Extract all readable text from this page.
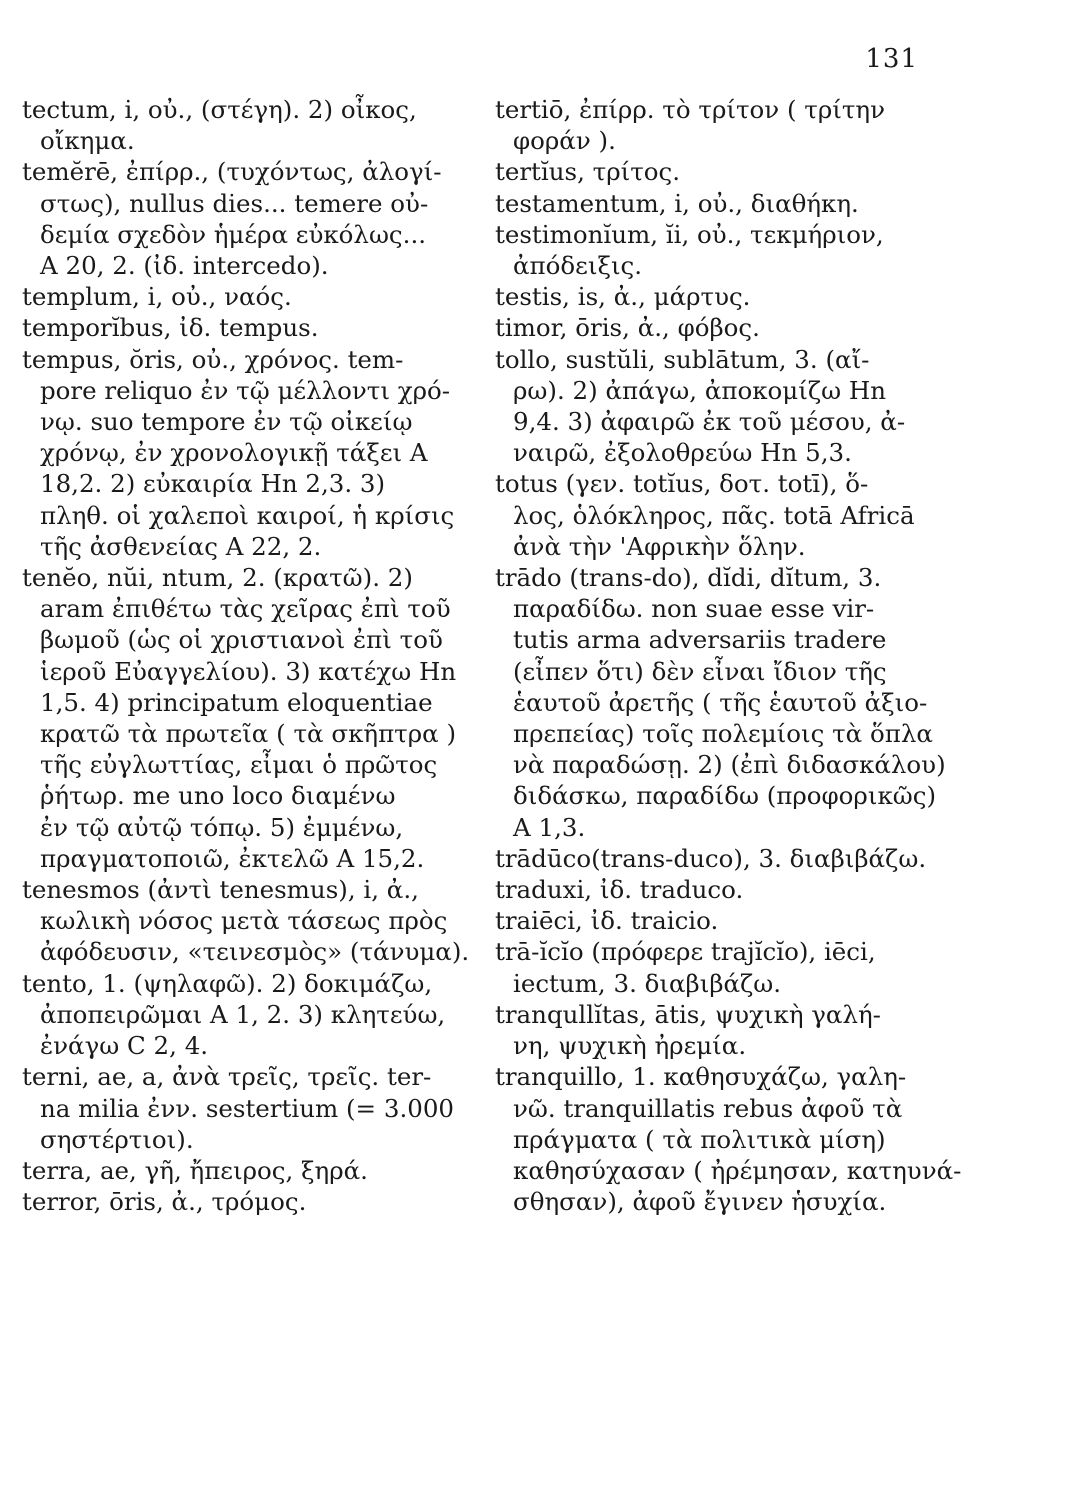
131
tectum, i, οὐ., (στέγη). 2) οἶκος,
οἴκημα.
temĕrē, ἐπίρρ., (τυχόντως, ἀλογί-
στως), nullus dies... temere οὐ-
δεμία σχεδὸν ἡμέρα εὐκόλως...
A 20, 2. (ἰδ. intercedo).
templum, i, οὐ., ναός.
temporĭbus, ἰδ. tempus.
tempus, ŏris, οὐ., χρόνος. tem-
pore reliquo ἐν τῷ μέλλοντι χρό-
νῳ. suo tempore ἐν τῷ οἰκείῳ
χρόνῳ, ἐν χρονολογικῇ τάξει A
18,2. 2) εὐκαιρία Hn 2,3. 3)
πληθ. οἱ χαλεποὶ καιροί, ἡ κρίσις
τῆς ἀσθενείας A 22, 2.
tenĕo, nŭi, ntum, 2. (κρατῶ). 2)
aram ἐπιθέτω τὰς χεῖρας ἐπὶ τοῦ
βωμοῦ (ὡς οἱ χριστιανοὶ ἐπὶ τοῦ
ἱεροῦ Εὐαγγελίου). 3) κατέχω Hn
1,5. 4) principatum eloquentiae
κρατῶ τὰ πρωτεῖα ( τὰ σκῆπτρα )
τῆς εὐγλωττίας, εἶμαι ὁ πρῶτος
ῥήτωρ. me uno loco διαμένω
ἐν τῷ αὐτῷ τόπῳ. 5) ἐμμένω,
πραγματοποιῶ, ἐκτελῶ A 15,2.
tenesmos (ἀντὶ tenesmus), i, ἀ.,
κωλικὴ νόσος μετὰ τάσεως πρὸς
ἀφόδευσιν, «τεινεσμὸς» (τάνυμα).
tento, 1. (ψηλαφῶ). 2) δοκιμάζω,
ἀποπειρῶμαι A 1, 2. 3) κλητεύω,
ἐνάγω C 2, 4.
terni, ae, a, ἀνὰ τρεῖς, τρεῖς. ter-
na milia ἐνν. sestertium (= 3.000
σηστέρτιοι).
terra, ae, γῆ, ἤπειρος, ξηρά.
terror, ōris, ἀ., τρόμος.
tertiō, ἐπίρρ. τὸ τρίτον ( τρίτην
φοράν ).
tertĭus, τρίτος.
testamentum, i, οὐ., διαθήκη.
testimonĭum, ĭi, οὐ., τεκμήριον,
ἀπόδειξις.
testis, is, ἀ., μάρτυς.
timor, ōris, ἀ., φόβος.
tollo, sustŭli, sublātum, 3. (αἴ-
ρω). 2) ἀπάγω, ἀποκομίζω Hn
9,4. 3) ἀφαιρῶ ἐκ τοῦ μέσου, ἀ-
ναιρῶ, ἐξολοθρεύω Hn 5,3.
totus (γεν. totĭus, δοτ. totī), ὅ-
λος, ὁλόκληρος, πᾶς. totā Africā
ἀνὰ τὴν 'Αφρικὴν ὅλην.
trādo (trans-do), dĭdi, dĭtum, 3.
παραδίδω. non suae esse vir-
tutis arma adversariis tradere
(εἶπεν ὅτι) δὲν εἶναι ἴδιον τῆς
ἑαυτοῦ ἀρετῆς ( τῆς ἑαυτοῦ ἀξιο-
πρεπείας) τοῖς πολεμίοις τὰ ὅπλα
νὰ παραδώσῃ. 2) (ἐπὶ διδασκάλου)
διδάσκω, παραδίδω (προφορικῶς)
A 1,3.
trādūco(trans-duco), 3. διαβιβάζω.
traduxi, ἰδ. traduco.
traiēci, ἰδ. traicio.
trā-ĭcĭo (πρόφερε trajĭcĭo), iēci,
iectum, 3. διαβιβάζω.
tranqullĭtas, ātis, ψυχικὴ γαλή-
νη, ψυχικὴ ἠρεμία.
tranquillo, 1. καθησυχάζω, γαλη-
νῶ. tranquillatis rebus ἀφοῦ τὰ
πράγματα ( τὰ πολιτικὰ μίση)
καθησύχασαν ( ἠρέμησαν, κατηυνά-
σθησαν), ἀφοῦ ἔγινεν ἡσυχία.
